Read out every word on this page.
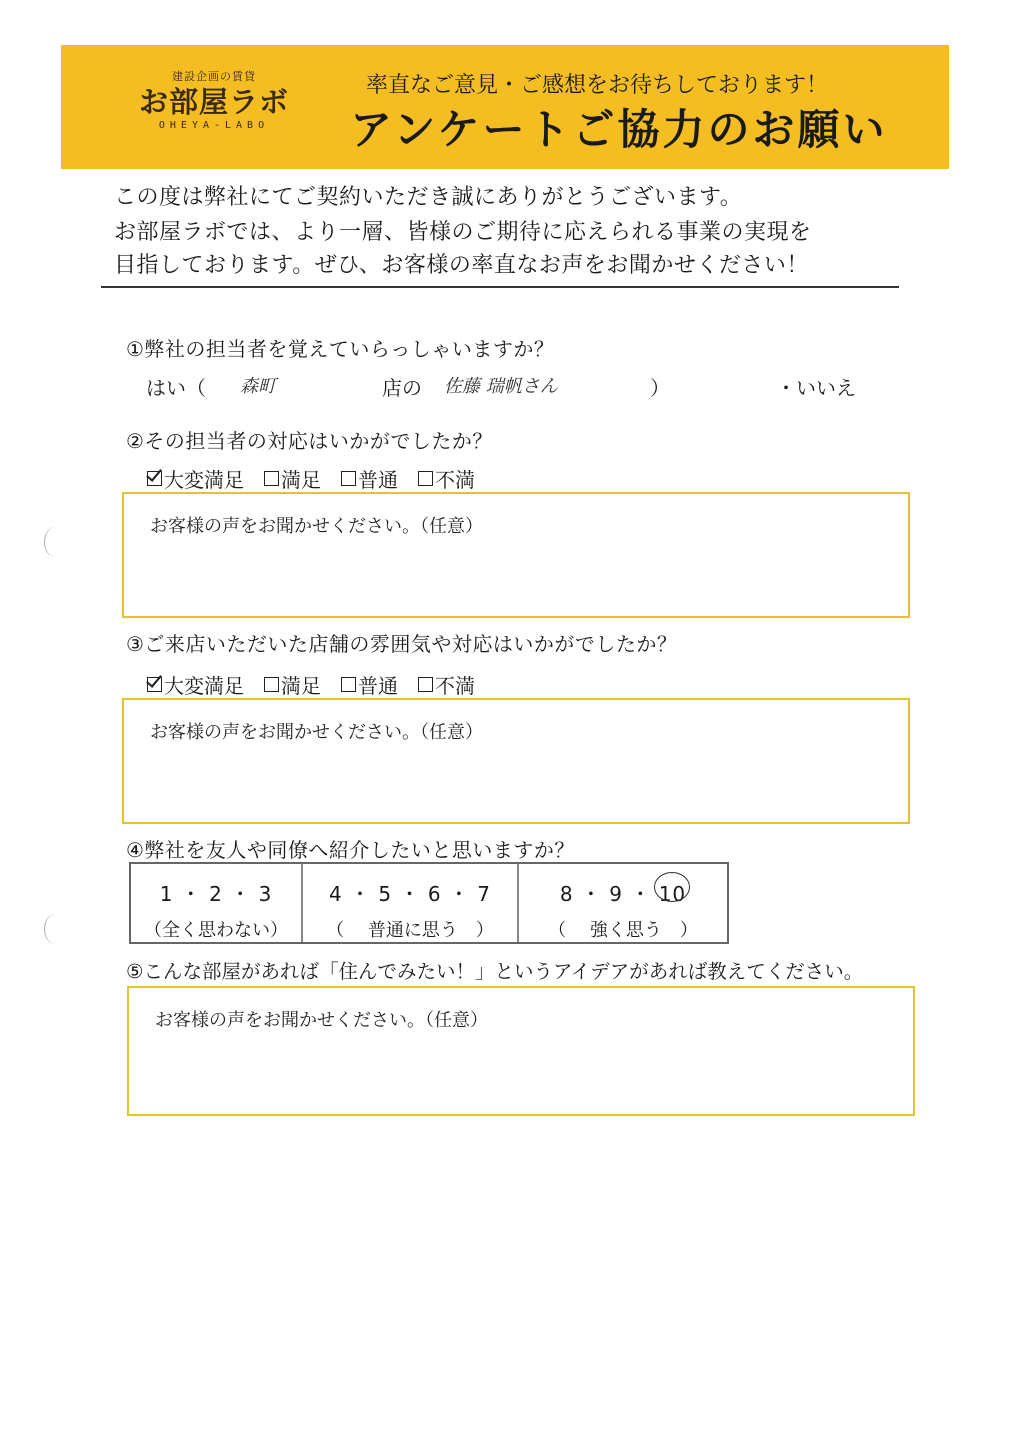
建設企画の賃貸
お部屋ラボ
OHEYA-LABO
率直なご意見・ご感想をお待ちしております！
アンケートご協力のお願い
この度は弊社にてご契約いただき誠にありがとうございます。
お部屋ラボでは、より一層、皆様のご期待に応えられる事業の実現を
目指しております。ぜひ、お客様の率直なお声をお聞かせください！
①弊社の担当者を覚えていらっしゃいますか？
はい（ 森町	店の 佐藤 瑞帆さん	）	・いいえ
②その担当者の対応はいかがでしたか？
大変満足 満足 普通 不満
お客様の声をお聞かせください。（任意）
③ご来店いただいた店舗の雰囲気や対応はいかがでしたか？
大変満足 満足 普通 不満
お客様の声をお聞かせください。（任意）
④弊社を友人や同僚へ紹介したいと思いますか？
1 ・ 2 ・ 3
（全く思わない）
4 ・ 5 ・ 6 ・ 7
（　 普通に思う　）
8 ・ 9 ・ 10
（　 強く思う　）
⑤こんな部屋があれば「住んでみたい！」というアイデアがあれば教えてください。
お客様の声をお聞かせください。（任意）
